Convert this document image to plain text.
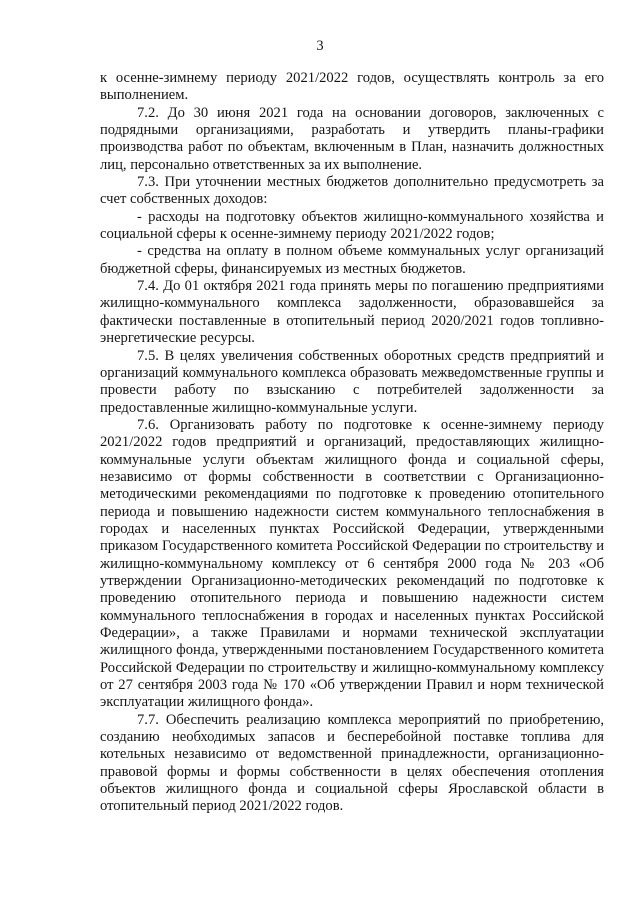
3

к осенне-зимнему периоду 2021/2022 годов, осуществлять контроль за его выполнением.

7.2. До 30 июня 2021 года на основании договоров, заключенных с подрядными организациями, разработать и утвердить планы-графики производства работ по объектам, включенным в План, назначить должностных лиц, персонально ответственных за их выполнение.

7.3. При уточнении местных бюджетов дополнительно предусмотреть за счет собственных доходов:

- расходы на подготовку объектов жилищно-коммунального хозяйства и социальной сферы к осенне-зимнему периоду 2021/2022 годов;

- средства на оплату в полном объеме коммунальных услуг организаций бюджетной сферы, финансируемых из местных бюджетов.

7.4. До 01 октября 2021 года принять меры по погашению предприятиями жилищно-коммунального комплекса задолженности, образовавшейся за фактически поставленные в отопительный период 2020/2021 годов топливно-энергетические ресурсы.

7.5. В целях увеличения собственных оборотных средств предприятий и организаций коммунального комплекса образовать межведомственные группы и провести работу по взысканию с потребителей задолженности за предоставленные жилищно-коммунальные услуги.

7.6. Организовать работу по подготовке к осенне-зимнему периоду 2021/2022 годов предприятий и организаций, предоставляющих жилищно-коммунальные услуги объектам жилищного фонда и социальной сферы, независимо от формы собственности в соответствии с Организационно-методическими рекомендациями по подготовке к проведению отопительного периода и повышению надежности систем коммунального теплоснабжения в городах и населенных пунктах Российской Федерации, утвержденными приказом Государственного комитета Российской Федерации по строительству и жилищно-коммунальному комплексу от 6 сентября 2000 года № 203 «Об утверждении Организационно-методических рекомендаций по подготовке к проведению отопительного периода и повышению надежности систем коммунального теплоснабжения в городах и населенных пунктах Российской Федерации», а также Правилами и нормами технической эксплуатации жилищного фонда, утвержденными постановлением Государственного комитета Российской Федерации по строительству и жилищно-коммунальному комплексу от 27 сентября 2003 года № 170 «Об утверждении Правил и норм технической эксплуатации жилищного фонда».

7.7. Обеспечить реализацию комплекса мероприятий по приобретению, созданию необходимых запасов и бесперебойной поставке топлива для котельных независимо от ведомственной принадлежности, организационно-правовой формы и формы собственности в целях обеспечения отопления объектов жилищного фонда и социальной сферы Ярославской области в отопительный период 2021/2022 годов.
